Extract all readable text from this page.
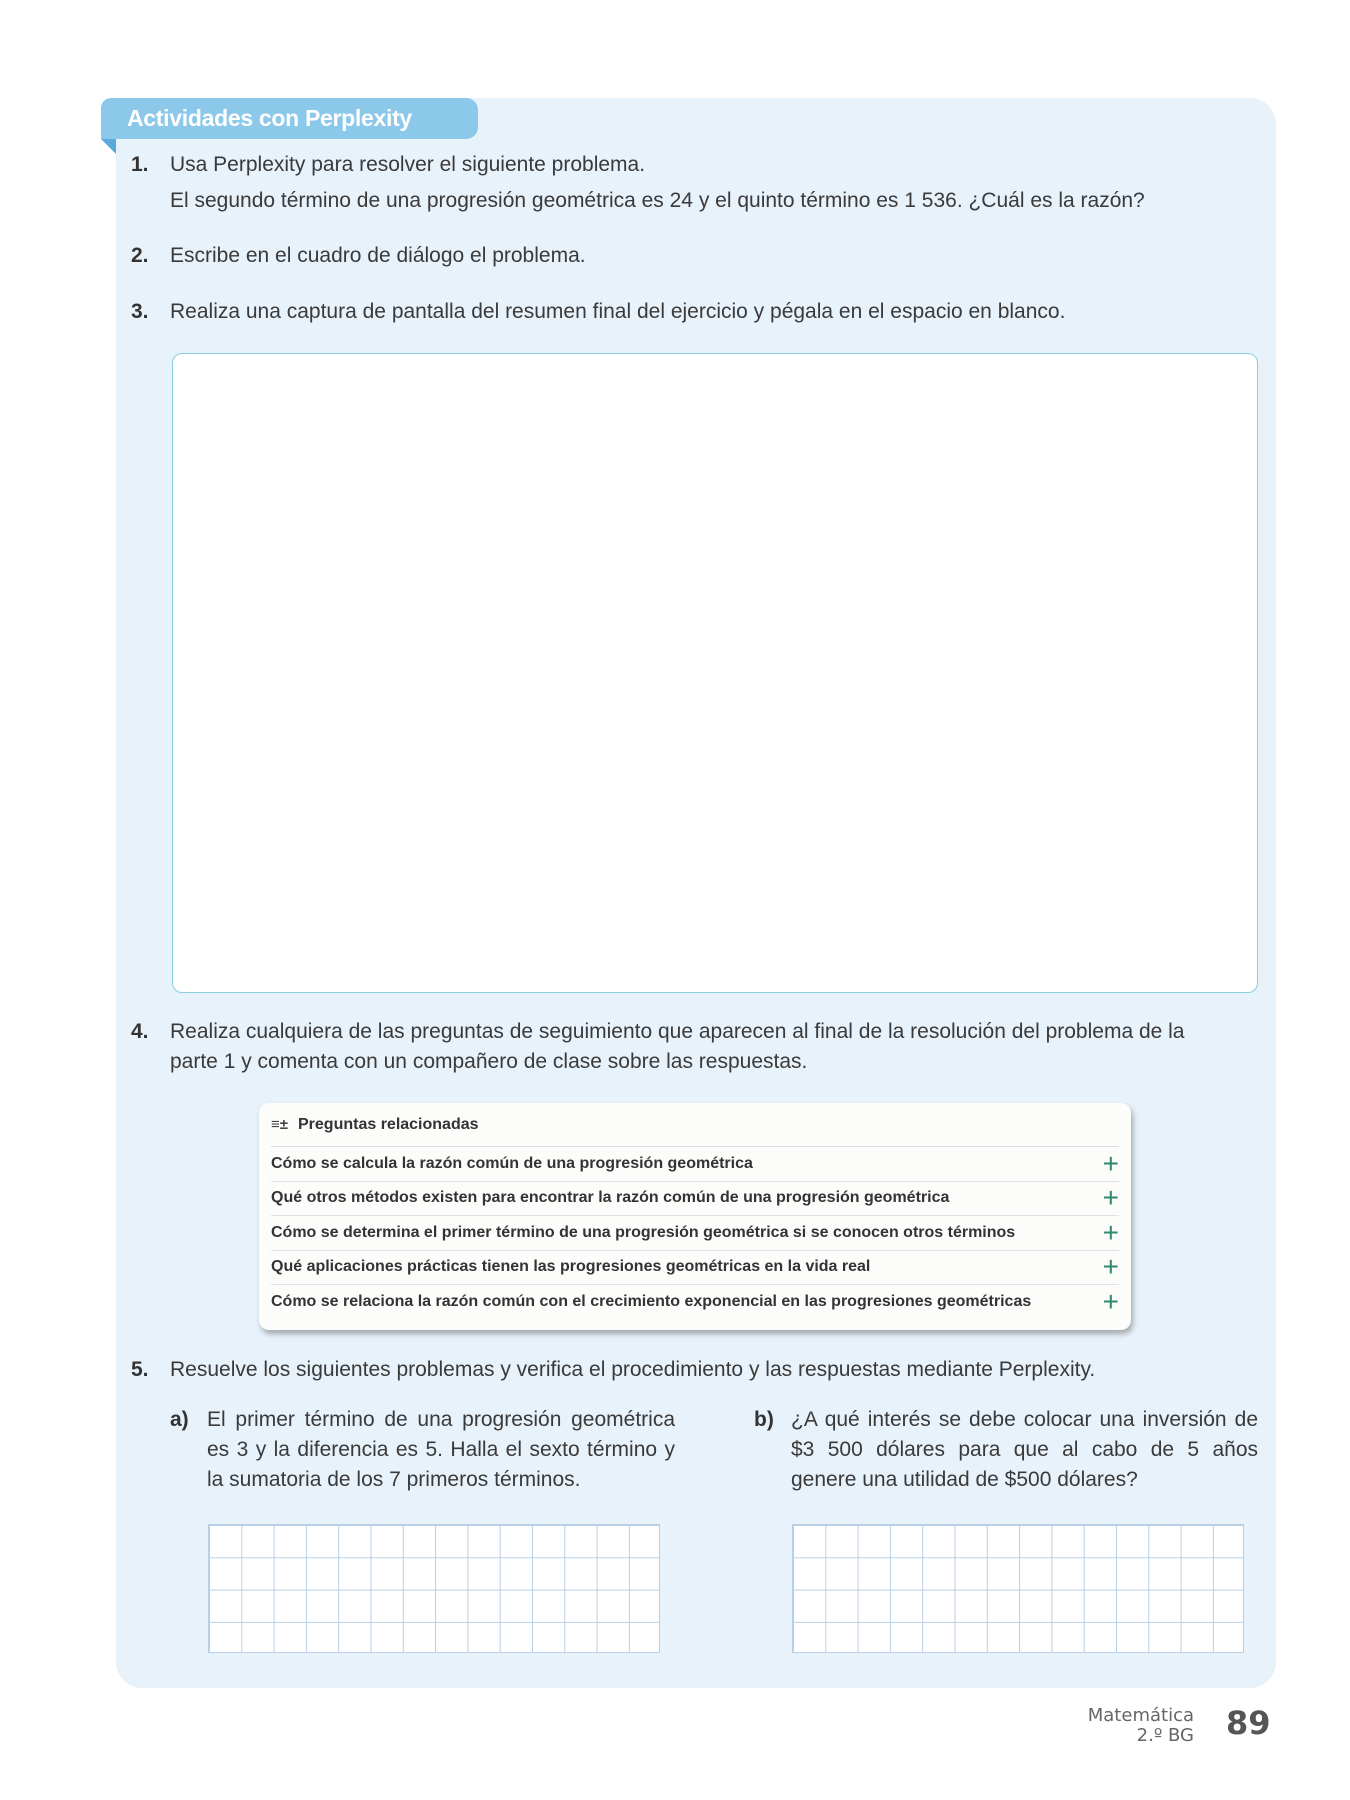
Actividades con Perplexity
1. Usa Perplexity para resolver el siguiente problema.
El segundo término de una progresión geométrica es 24 y el quinto término es 1 536. ¿Cuál es la razón?
2. Escribe en el cuadro de diálogo el problema.
3. Realiza una captura de pantalla del resumen final del ejercicio y pégala en el espacio en blanco.
4. Realiza cualquiera de las preguntas de seguimiento que aparecen al final de la resolución del problema de la
parte 1 y comenta con un compañero de clase sobre las respuestas.
≡± Preguntas relacionadas
Cómo se calcula la razón común de una progresión geométrica	+
Qué otros métodos existen para encontrar la razón común de una progresión geométrica	+
Cómo se determina el primer término de una progresión geométrica si se conocen otros términos	+
Qué aplicaciones prácticas tienen las progresiones geométricas en la vida real	+
Cómo se relaciona la razón común con el crecimiento exponencial en las progresiones geométricas	+
5. Resuelve los siguientes problemas y verifica el procedimiento y las respuestas mediante Perplexity.
a) El primer término de una progresión geométrica es 3 y la diferencia es 5. Halla el sexto término y la sumatoria de los 7 primeros términos.
b) ¿A qué interés se debe colocar una inversión de $3 500 dólares para que al cabo de 5 años genere una utilidad de $500 dólares?
Matemática
2.º BG 89
